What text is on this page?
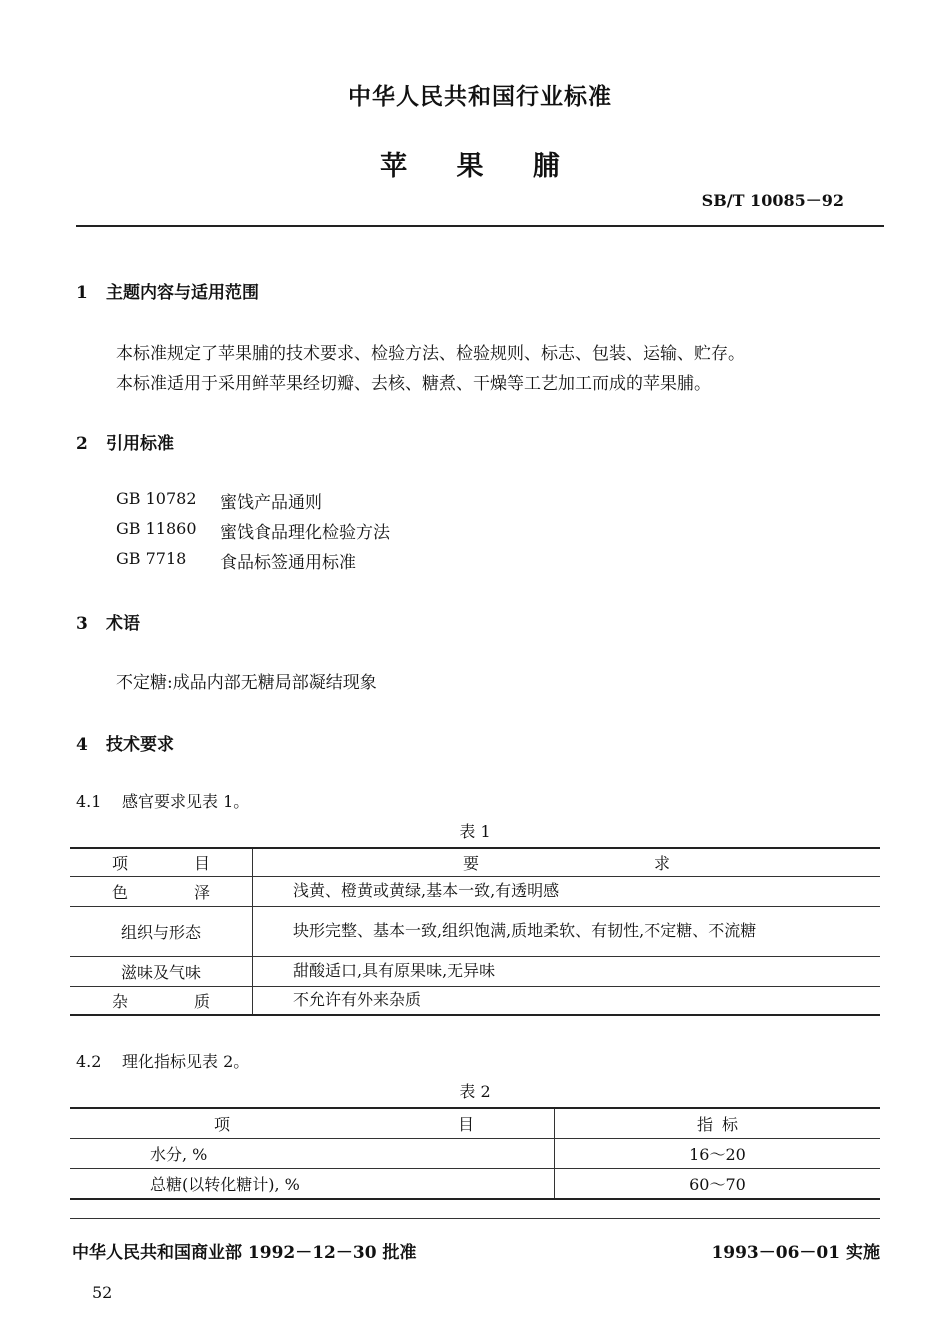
中华人民共和国行业标准
苹 果 脯
SB/T 10085－92
1 主题内容与适用范围
本标准规定了苹果脯的技术要求、检验方法、检验规则、标志、包装、运输、贮存。
本标准适用于采用鲜苹果经切瓣、去核、糖煮、干燥等工艺加工而成的苹果脯。
2 引用标准
GB 10782 蜜饯产品通则
GB 11860 蜜饯食品理化检验方法
GB 7718 食品标签通用标准
3 术语
不定糖:成品内部无糖局部凝结现象
4 技术要求
4.1 感官要求见表 1。
表 1
项 目	要 求

色 泽	浅黄、橙黄或黄绿,基本一致,有透明感
组织与形态	块形完整、基本一致,组织饱满,质地柔软、有韧性,不定糖、不流糖
滋味及气味	甜酸适口,具有原果味,无异味

杂 质	不允许有外来杂质
4.2 理化指标见表 2。
表 2
项 目	指 标

水分, %	16～20
总糖(以转化糖计), %	60～70
中华人民共和国商业部 1992－12－30 批准	1993－06－01 实施
52
